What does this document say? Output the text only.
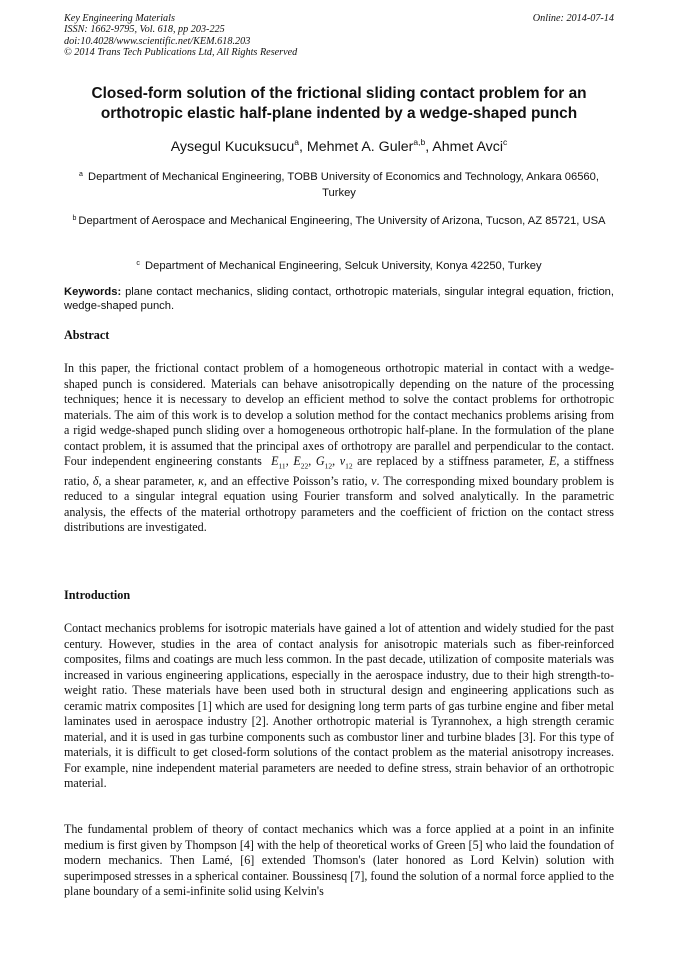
Key Engineering Materials
ISSN: 1662-9795, Vol. 618, pp 203-225
doi:10.4028/www.scientific.net/KEM.618.203
© 2014 Trans Tech Publications Ltd, All Rights Reserved
Online: 2014-07-14
Closed-form solution of the frictional sliding contact problem for an orthotropic elastic half-plane indented by a wedge-shaped punch
Aysegul Kucuksucu$^a$, Mehmet A. Guler$^{a,b}$, Ahmet Avci$^c$
$^a$ Department of Mechanical Engineering, TOBB University of Economics and Technology, Ankara 06560, Turkey
$^b$ Department of Aerospace and Mechanical Engineering, The University of Arizona, Tucson, AZ 85721, USA
$^c$ Department of Mechanical Engineering, Selcuk University, Konya 42250, Turkey
Keywords: plane contact mechanics, sliding contact, orthotropic materials, singular integral equation, friction, wedge-shaped punch.
Abstract
In this paper, the frictional contact problem of a homogeneous orthotropic material in contact with a wedge-shaped punch is considered. Materials can behave anisotropically depending on the nature of the processing techniques; hence it is necessary to develop an efficient method to solve the contact problems for orthotropic materials. The aim of this work is to develop a solution method for the contact mechanics problems arising from a rigid wedge-shaped punch sliding over a homogeneous orthotropic half-plane. In the formulation of the plane contact problem, it is assumed that the principal axes of orthotropy are parallel and perpendicular to the contact. Four independent engineering constants $E_{11}$, $E_{22}$, $G_{12}$, $\nu_{12}$ are replaced by a stiffness parameter, E, a stiffness ratio, δ, a shear parameter, κ, and an effective Poisson’s ratio, ν. The corresponding mixed boundary problem is reduced to a singular integral equation using Fourier transform and solved analytically. In the parametric analysis, the effects of the material orthotropy parameters and the coefficient of friction on the contact stress distributions are investigated.
Introduction
Contact mechanics problems for isotropic materials have gained a lot of attention and widely studied for the past century. However, studies in the area of contact analysis for anisotropic materials such as fiber-reinforced composites, films and coatings are much less common. In the past decade, utilization of composite materials was increased in various engineering applications, especially in the aerospace industry, due to their high strength-to-weight ratio. These materials have been used both in structural design and engineering applications such as ceramic matrix composites [1] which are used for designing long term parts of gas turbine engine and fiber metal laminates used in aerospace industry [2]. Another orthotropic material is Tyrannohex, a high strength ceramic material, and it is used in gas turbine components such as combustor liner and turbine blades [3]. For this type of materials, it is difficult to get closed-form solutions of the contact problem as the material anisotropy increases. For example, nine independent material parameters are needed to define stress, strain behavior of an orthotropic material.
The fundamental problem of theory of contact mechanics which was a force applied at a point in an infinite medium is first given by Thompson [4] with the help of theoretical works of Green [5] who laid the foundation of modern mechanics. Then Lamé, [6] extended Thomson's (later honored as Lord Kelvin) solution with superimposed stresses in a spherical container. Boussinesq [7], found the solution of a normal force applied to the plane boundary of a semi-infinite solid using Kelvin's
